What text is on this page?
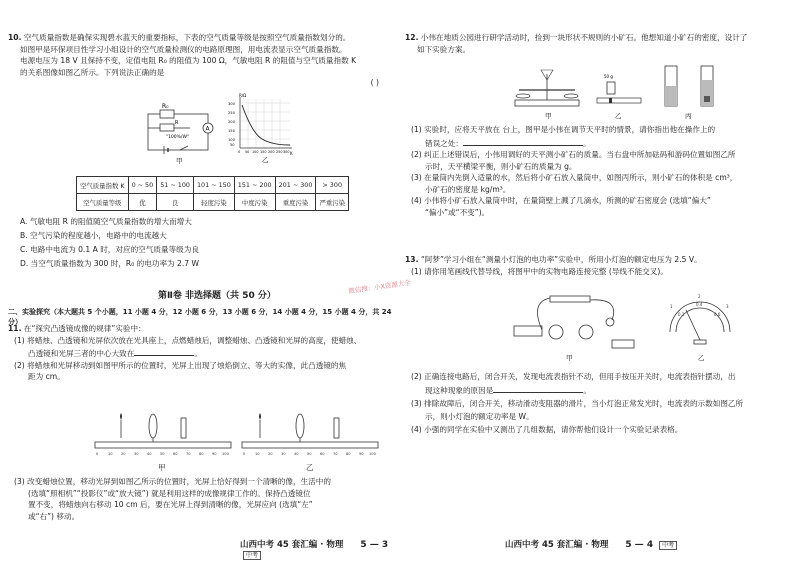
10. 空气质量指数是确保实现碧水蓝天的重要指标，下表的空气质量等级是按照空气质量指数划分的。
如图甲是环保项目性学习小组设计的空气质量检测仪的电路原理图，用电流表显示空气质量指数。
电源电压为 18 V 且保持不变，定值电阻 R₀ 的阻值为 100 Ω，气敏电阻 R 的阻值与空气质量指数 K
的关系图像如图乙所示。下列说法正确的是
( )
A
R₀
R
"100%/W"
甲
R/Ω
K
300
250
200
150
100
50
0 50 100 150 200 250 300
乙
空气质量指数 K	0 ~ 50	51 ~ 100	101 ~ 150	151 ~ 200	201 ~ 300	> 300
空气质量等级	优	良	轻度污染	中度污染	重度污染	严重污染
A. 气敏电阻 R 的阻值随空气质量指数的增大而增大
B. 空气污染的程度越小，电路中的电流越大
C. 电路中电流为 0.1 A 时，对应的空气质量等级为良
D. 当空气质量指数为 300 时，R₀ 的电功率为 2.7 W
第Ⅱ卷 非选择题（共 50 分）
二、实验探究（本大题共 5 个小题，11 小题 4 分，12 小题 6 分，13 小题 6 分，14 小题 4 分，15 小题 4 分，共 24 分）
11. 在“探究凸透镜成像的规律”实验中：
(1) 将蜡烛、凸透镜和光屏依次放在光具座上，点燃蜡烛后，调整蜡烛、凸透镜和光屏的高度，使蜡烛、
凸透镜和光屏三者的中心大致在	。
(2) 将蜡烛和光屏移动到如图甲所示的位置时，光屏上出现了烛焰倒立、等大的实像，此凸透镜的焦
距为 cm。
0	10 20 30 40 50 60 70 80 90 100
甲
0	10 20 30 40 50 60 70 80 90 100
乙
(3) 改变蜡烛位置，移动光屏到如图乙所示的位置时，光屏上恰好得到一个清晰的像，生活中的
(选填“照相机”“投影仪”或“放大镜”) 就是利用这样的成像规律工作的。保持凸透镜位
置不变，将蜡烛向右移动 10 cm 后，要在光屏上得到清晰的像，光屏应向 (选填“左”
或“右”) 移动。
山西中考 45 套汇编 · 物理 5 — 3 中考
微信搜：小X资源大全
12. 小伟在地质公园进行研学活动时，捡到一块形状不规则的小矿石。他想知道小矿石的密度，设计了
如下实验方案。
甲
50 g
乙	丙
(1) 实验时，应将天平放在 台上，图甲是小伟在调节天平时的情景，请你指出他在操作上的
错误之处：	。
(2) 纠正上述错误后，小伟用调好的天平测小矿石的质量。当右盘中所加砝码和游码位置如图乙所
示时，天平横梁平衡，则小矿石的质量为 g。
(3) 在量筒内先倒入适量的水，然后将小矿石放入量筒中，如图丙所示，则小矿石的体积是 cm³，
小矿石的密度是 kg/m³。
(4) 小伟将小矿石放入量筒中时，在量筒壁上溅了几滴水，所测的矿石密度会 (选填“偏大”
“偏小”或“不变”)。
13. “阿梦”学习小组在“测量小灯泡的电功率”实验中，所用小灯泡的额定电压为 2.5 V。
(1) 请你用笔画线代替导线，将图甲中的实物电路连接完整 (导线不能交叉)。
甲
0.2
0.4
0.6
1
2
3
乙
(2) 正确连接电路后，闭合开关，发现电流表指针不动，但用手按压开关时，电流表指针摆动，出
现这种现象的原因是	。
(3) 排除故障后，闭合开关，移动滑动变阻器的滑片，当小灯泡正常发光时，电流表的示数如图乙所
示，则小灯泡的额定功率是 W。
(4) 小强的同学在实验中又测出了几组数据，请你帮他们设计一个实验记录表格。
山西中考 45 套汇编 · 物理 5 — 4 中考
